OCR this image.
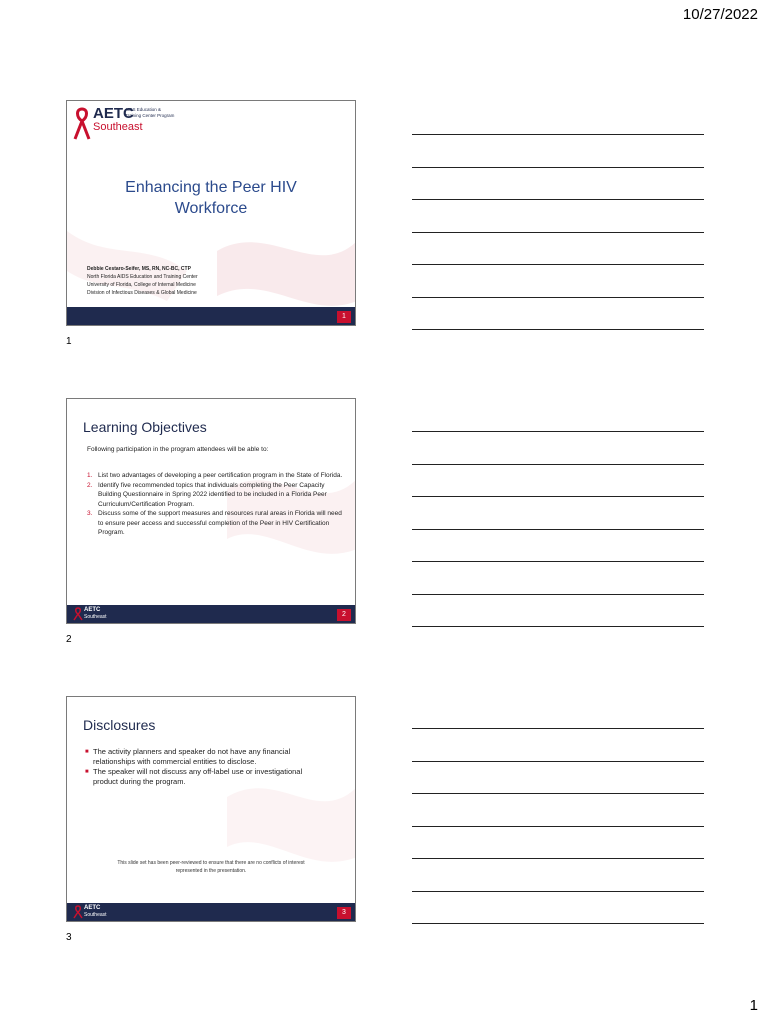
10/27/2022
AETC
Southeast
AIDS Education &
Training Center Program
Enhancing the Peer HIV Workforce
Debbie Cestaro-Seifer, MS, RN, NC-BC, CTP
North Florida AIDS Education and Training Center
University of Florida, College of Internal Medicine
Division of Infectious Diseases & Global Medicine
1
1
Learning Objectives
Following participation in the program attendees will be able to:
1. List two advantages of developing a peer certification program in the State of Florida.
2. Identify five recommended topics that individuals completing the Peer Capacity Building Questionnaire in Spring 2022 identified to be included in a Florida Peer Curriculum/Certification Program.
3. Discuss some of the support measures and resources rural areas in Florida will need to ensure peer access and successful completion of the Peer in HIV Certification Program.
AETC
Southeast	2
2
Disclosures
■ The activity planners and speaker do not have any financial relationships with commercial entities to disclose.
■ The speaker will not discuss any off-label use or investigational product during the program.
This slide set has been peer-reviewed to ensure that there are no conflicts of interest represented in the presentation.
AETC
Southeast	3
3
1
